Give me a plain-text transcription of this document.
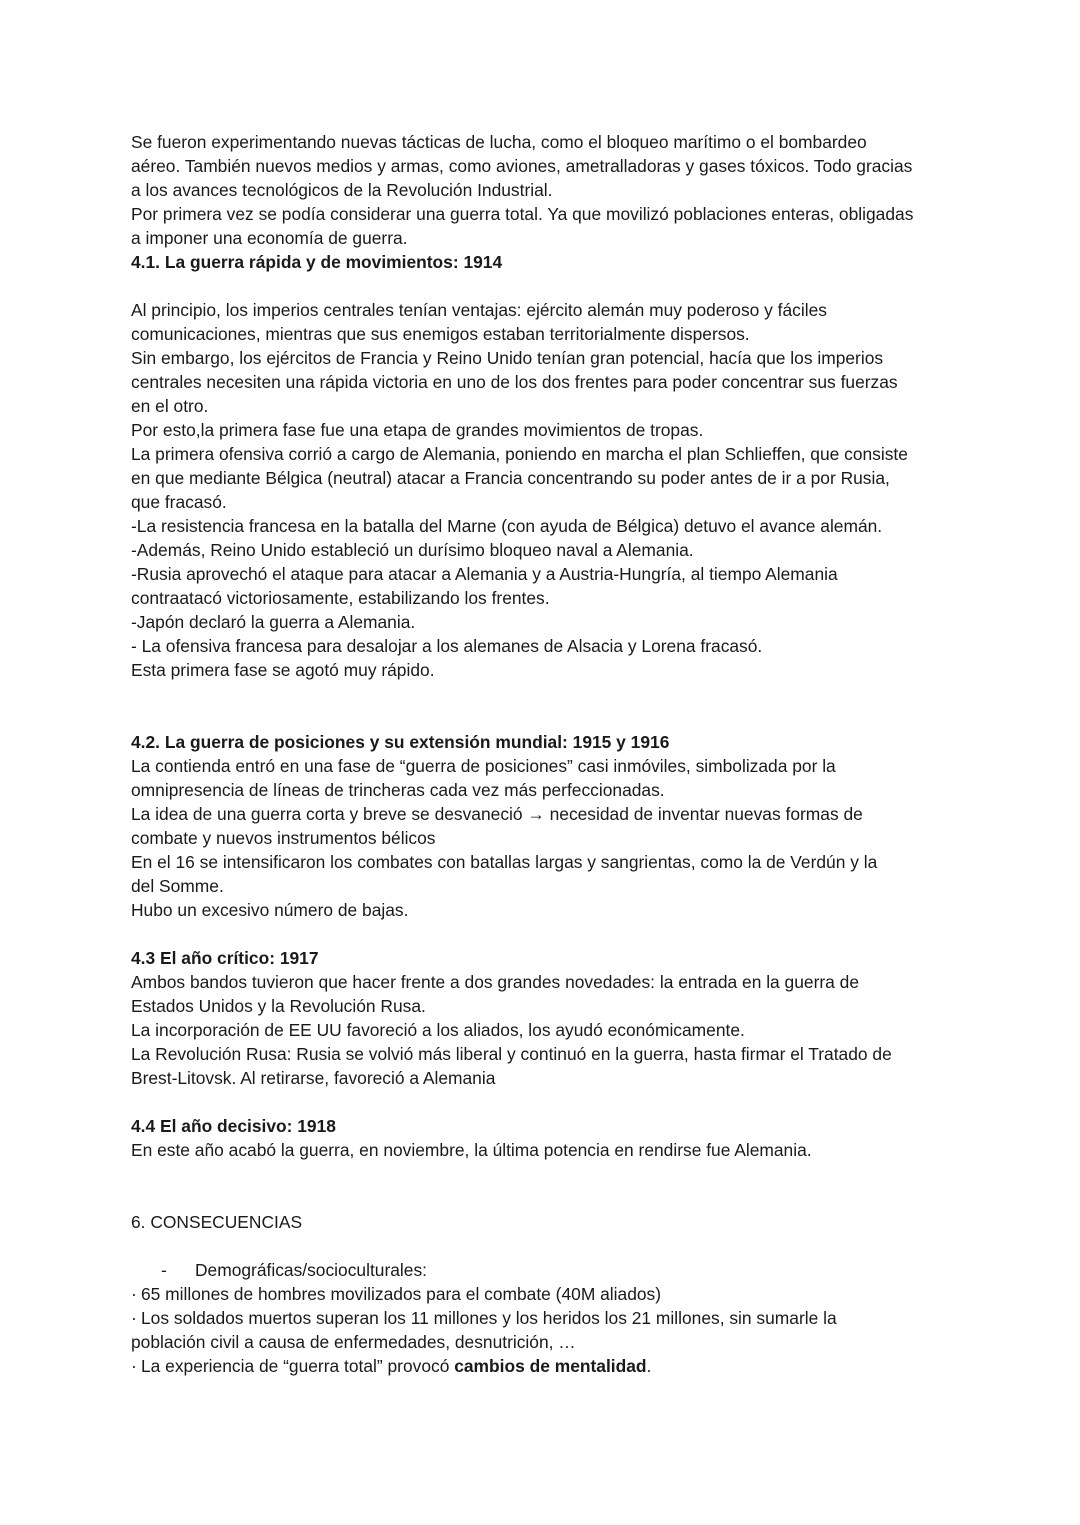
Se fueron experimentando nuevas tácticas de lucha, como el bloqueo marítimo o el bombardeo
aéreo. También nuevos medios y armas, como aviones, ametralladoras y gases tóxicos. Todo gracias
a los avances tecnológicos de la Revolución Industrial.
Por primera vez se podía considerar una guerra total. Ya que movilizó poblaciones enteras, obligadas
a imponer una economía de guerra.
4.1. La guerra rápida y de movimientos: 1914
Al principio, los imperios centrales tenían ventajas: ejército alemán muy poderoso y fáciles
comunicaciones, mientras que sus enemigos estaban territorialmente dispersos.
Sin embargo, los ejércitos de Francia y Reino Unido tenían gran potencial, hacía que los imperios
centrales necesiten una rápida victoria en uno de los dos frentes para poder concentrar sus fuerzas
en el otro.
Por esto,la primera fase fue una etapa de grandes movimientos de tropas.
La primera ofensiva corrió a cargo de Alemania, poniendo en marcha el plan Schlieffen, que consiste
en que mediante Bélgica (neutral) atacar a Francia concentrando su poder antes de ir a por Rusia,
que fracasó.
-La resistencia francesa en la batalla del Marne (con ayuda de Bélgica) detuvo el avance alemán.
-Además, Reino Unido estableció un durísimo bloqueo naval a Alemania.
-Rusia aprovechó el ataque para atacar a Alemania y a Austria-Hungría, al tiempo Alemania
contraatacó victoriosamente, estabilizando los frentes.
-Japón declaró la guerra a Alemania.
- La ofensiva francesa para desalojar a los alemanes de Alsacia y Lorena fracasó.
Esta primera fase se agotó muy rápido.
4.2. La guerra de posiciones y su extensión mundial: 1915 y 1916
La contienda entró en una fase de “guerra de posiciones” casi inmóviles, simbolizada por la
omnipresencia de líneas de trincheras cada vez más perfeccionadas.
La idea de una guerra corta y breve se desvaneció → necesidad de inventar nuevas formas de
combate y nuevos instrumentos bélicos
En el 16 se intensificaron los combates con batallas largas y sangrientas, como la de Verdún y la
del Somme.
Hubo un excesivo número de bajas.
4.3 El año crítico: 1917
Ambos bandos tuvieron que hacer frente a dos grandes novedades: la entrada en la guerra de
Estados Unidos y la Revolución Rusa.
La incorporación de EE UU favoreció a los aliados, los ayudó económicamente.
La Revolución Rusa: Rusia se volvió más liberal y continuó en la guerra, hasta firmar el Tratado de
Brest-Litovsk. Al retirarse, favoreció a Alemania
4.4 El año decisivo: 1918
En este año acabó la guerra, en noviembre, la última potencia en rendirse fue Alemania.
6. CONSECUENCIAS
- Demográficas/socioculturales:
· 65 millones de hombres movilizados para el combate (40M aliados)
· Los soldados muertos superan los 11 millones y los heridos los 21 millones, sin sumarle la
población civil a causa de enfermedades, desnutrición, …
· La experiencia de “guerra total” provocó cambios de mentalidad.
